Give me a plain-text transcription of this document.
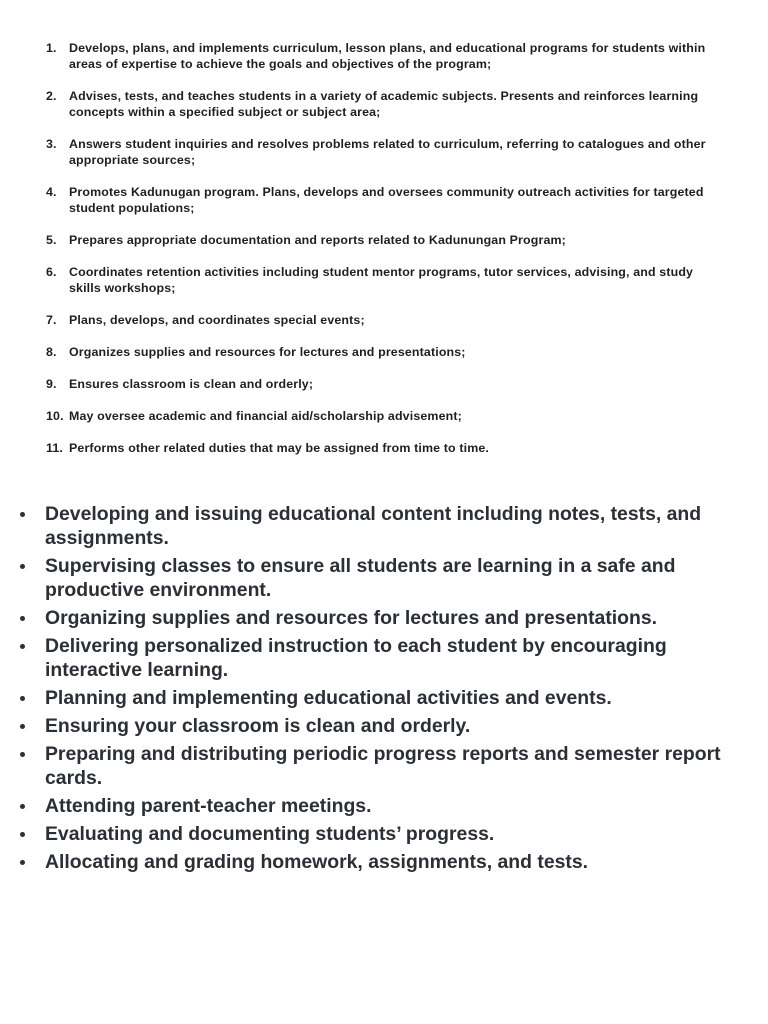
1. Develops, plans, and implements curriculum, lesson plans, and educational programs for students within areas of expertise to achieve the goals and objectives of the program;
2. Advises, tests, and teaches students in a variety of academic subjects. Presents and reinforces learning concepts within a specified subject or subject area;
3. Answers student inquiries and resolves problems related to curriculum, referring to catalogues and other appropriate sources;
4. Promotes Kadunugan program. Plans, develops and oversees community outreach activities for targeted student populations;
5. Prepares appropriate documentation and reports related to Kadunungan Program;
6. Coordinates retention activities including student mentor programs, tutor services, advising, and study skills workshops;
7. Plans, develops, and coordinates special events;
8. Organizes supplies and resources for lectures and presentations;
9. Ensures classroom is clean and orderly;
10. May oversee academic and financial aid/scholarship advisement;
11. Performs other related duties that may be assigned from time to time.
Developing and issuing educational content including notes, tests, and assignments.
Supervising classes to ensure all students are learning in a safe and productive environment.
Organizing supplies and resources for lectures and presentations.
Delivering personalized instruction to each student by encouraging interactive learning.
Planning and implementing educational activities and events.
Ensuring your classroom is clean and orderly.
Preparing and distributing periodic progress reports and semester report cards.
Attending parent-teacher meetings.
Evaluating and documenting students’ progress.
Allocating and grading homework, assignments, and tests.
